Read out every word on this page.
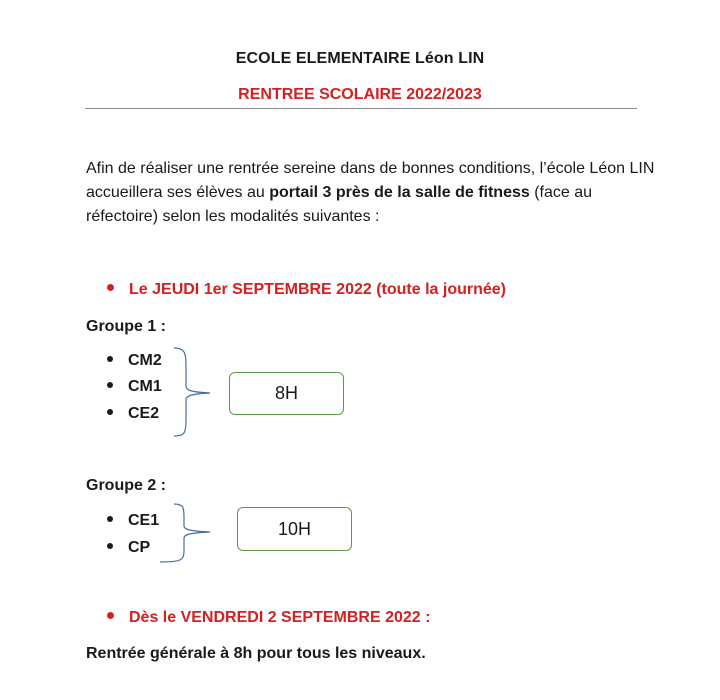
ECOLE ELEMENTAIRE Léon LIN
RENTREE SCOLAIRE 2022/2023
Afin de réaliser une rentrée sereine dans de bonnes conditions, l’école Léon LIN accueillera ses élèves au portail 3 près de la salle de fitness (face au réfectoire) selon les modalités suivantes :
Le JEUDI 1er SEPTEMBRE 2022 (toute la journée)
Groupe 1 :
CM2
CM1
CE2
8H
Groupe 2 :
CE1
CP
10H
Dès le VENDREDI 2 SEPTEMBRE 2022 :
Rentrée générale à 8h pour tous les niveaux.
